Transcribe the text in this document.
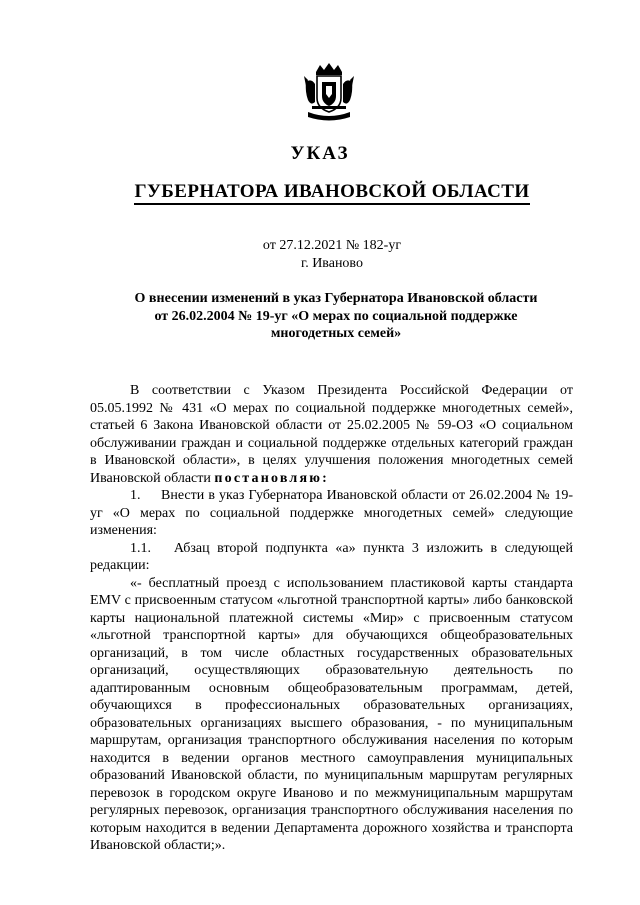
УКАЗ
ГУБЕРНАТОРА ИВАНОВСКОЙ ОБЛАСТИ
от 27.12.2021 № 182-уг
г. Иваново
О внесении изменений в указ Губернатора Ивановской области
от 26.02.2004 № 19-уг «О мерах по социальной поддержке
многодетных семей»

В соответствии с Указом Президента Российской Федерации от 05.05.1992 № 431 «О мерах по социальной поддержке многодетных семей», статьей 6 Закона Ивановской области от 25.02.2005 № 59-ОЗ «О социальном обслуживании граждан и социальной поддержке отдельных категорий граждан в Ивановской области», в целях улучшения положения многодетных семей Ивановской области постановляю:

1.     Внести в указ Губернатора Ивановской области от 26.02.2004 № 19-уг «О мерах по социальной поддержке многодетных семей» следующие изменения:

1.1.   Абзац второй подпункта «а» пункта 3 изложить в следующей редакции:

«- бесплатный проезд с использованием пластиковой карты стандарта EMV с присвоенным статусом «льготной транспортной карты» либо банковской карты национальной платежной системы «Мир» с присвоенным статусом «льготной транспортной карты» для обучающихся общеобразовательных организаций, в том числе областных государственных образовательных организаций, осуществляющих образовательную деятельность по адаптированным основным общеобразовательным программам, детей, обучающихся в профессиональных образовательных организациях, образовательных организациях высшего образования, - по муниципальным маршрутам, организация транспортного обслуживания населения по которым находится в ведении органов местного самоуправления муниципальных образований Ивановской области, по муниципальным маршрутам регулярных перевозок в городском округе Иваново и по межмуниципальным маршрутам регулярных перевозок, организация транспортного обслуживания населения по которым находится в ведении Департамента дорожного хозяйства и транспорта Ивановской области;».
